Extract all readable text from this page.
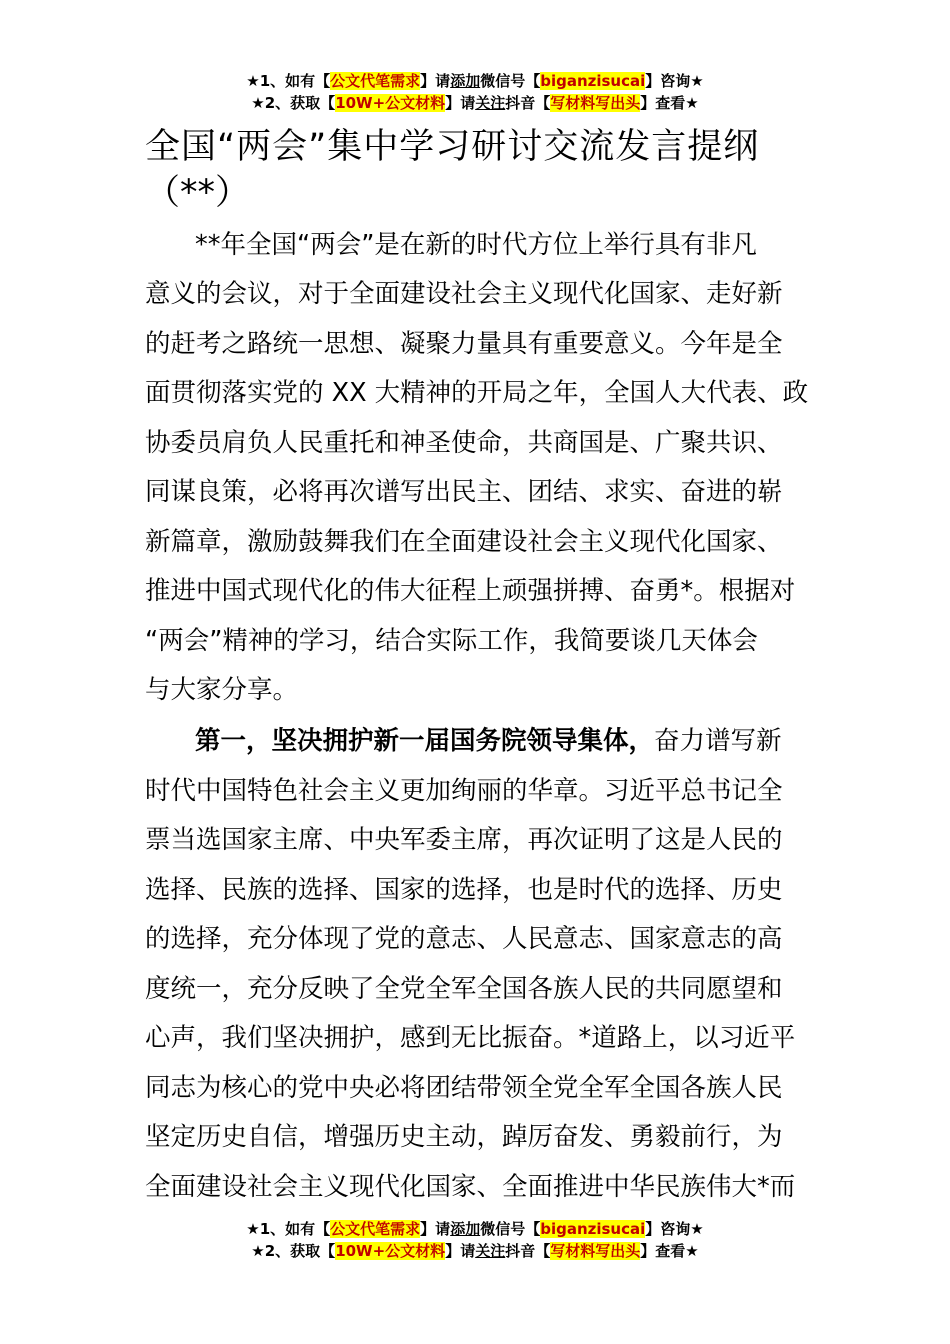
★1、如有【公文代笔需求】请添加微信号【biganzisucai】咨询★
★2、获取【10W+公文材料】请关注抖音【写材料写出头】查看★
全国“两会”集中学习研讨交流发言提纲
（**）
**年全国“两会”是在新的时代方位上举行具有非凡
意义的会议，对于全面建设社会主义现代化国家、走好新
的赶考之路统一思想、凝聚力量具有重要意义。今年是全
面贯彻落实党的 XX 大精神的开局之年，全国人大代表、政
协委员肩负人民重托和神圣使命，共商国是、广聚共识、
同谋良策，必将再次谱写出民主、团结、求实、奋进的崭
新篇章，激励鼓舞我们在全面建设社会主义现代化国家、
推进中国式现代化的伟大征程上顽强拼搏、奋勇*。根据对
“两会”精神的学习，结合实际工作，我简要谈几天体会
与大家分享。
第一，坚决拥护新一届国务院领导集体，奋力谱写新
时代中国特色社会主义更加绚丽的华章。习近平总书记全
票当选国家主席、中央军委主席，再次证明了这是人民的
选择、民族的选择、国家的选择，也是时代的选择、历史
的选择，充分体现了党的意志、人民意志、国家意志的高
度统一，充分反映了全党全军全国各族人民的共同愿望和
心声，我们坚决拥护，感到无比振奋。*道路上，以习近平
同志为核心的党中央必将团结带领全党全军全国各族人民
坚定历史自信，增强历史主动，踔厉奋发、勇毅前行，为
全面建设社会主义现代化国家、全面推进中华民族伟大*而
★1、如有【公文代笔需求】请添加微信号【biganzisucai】咨询★
★2、获取【10W+公文材料】请关注抖音【写材料写出头】查看★
